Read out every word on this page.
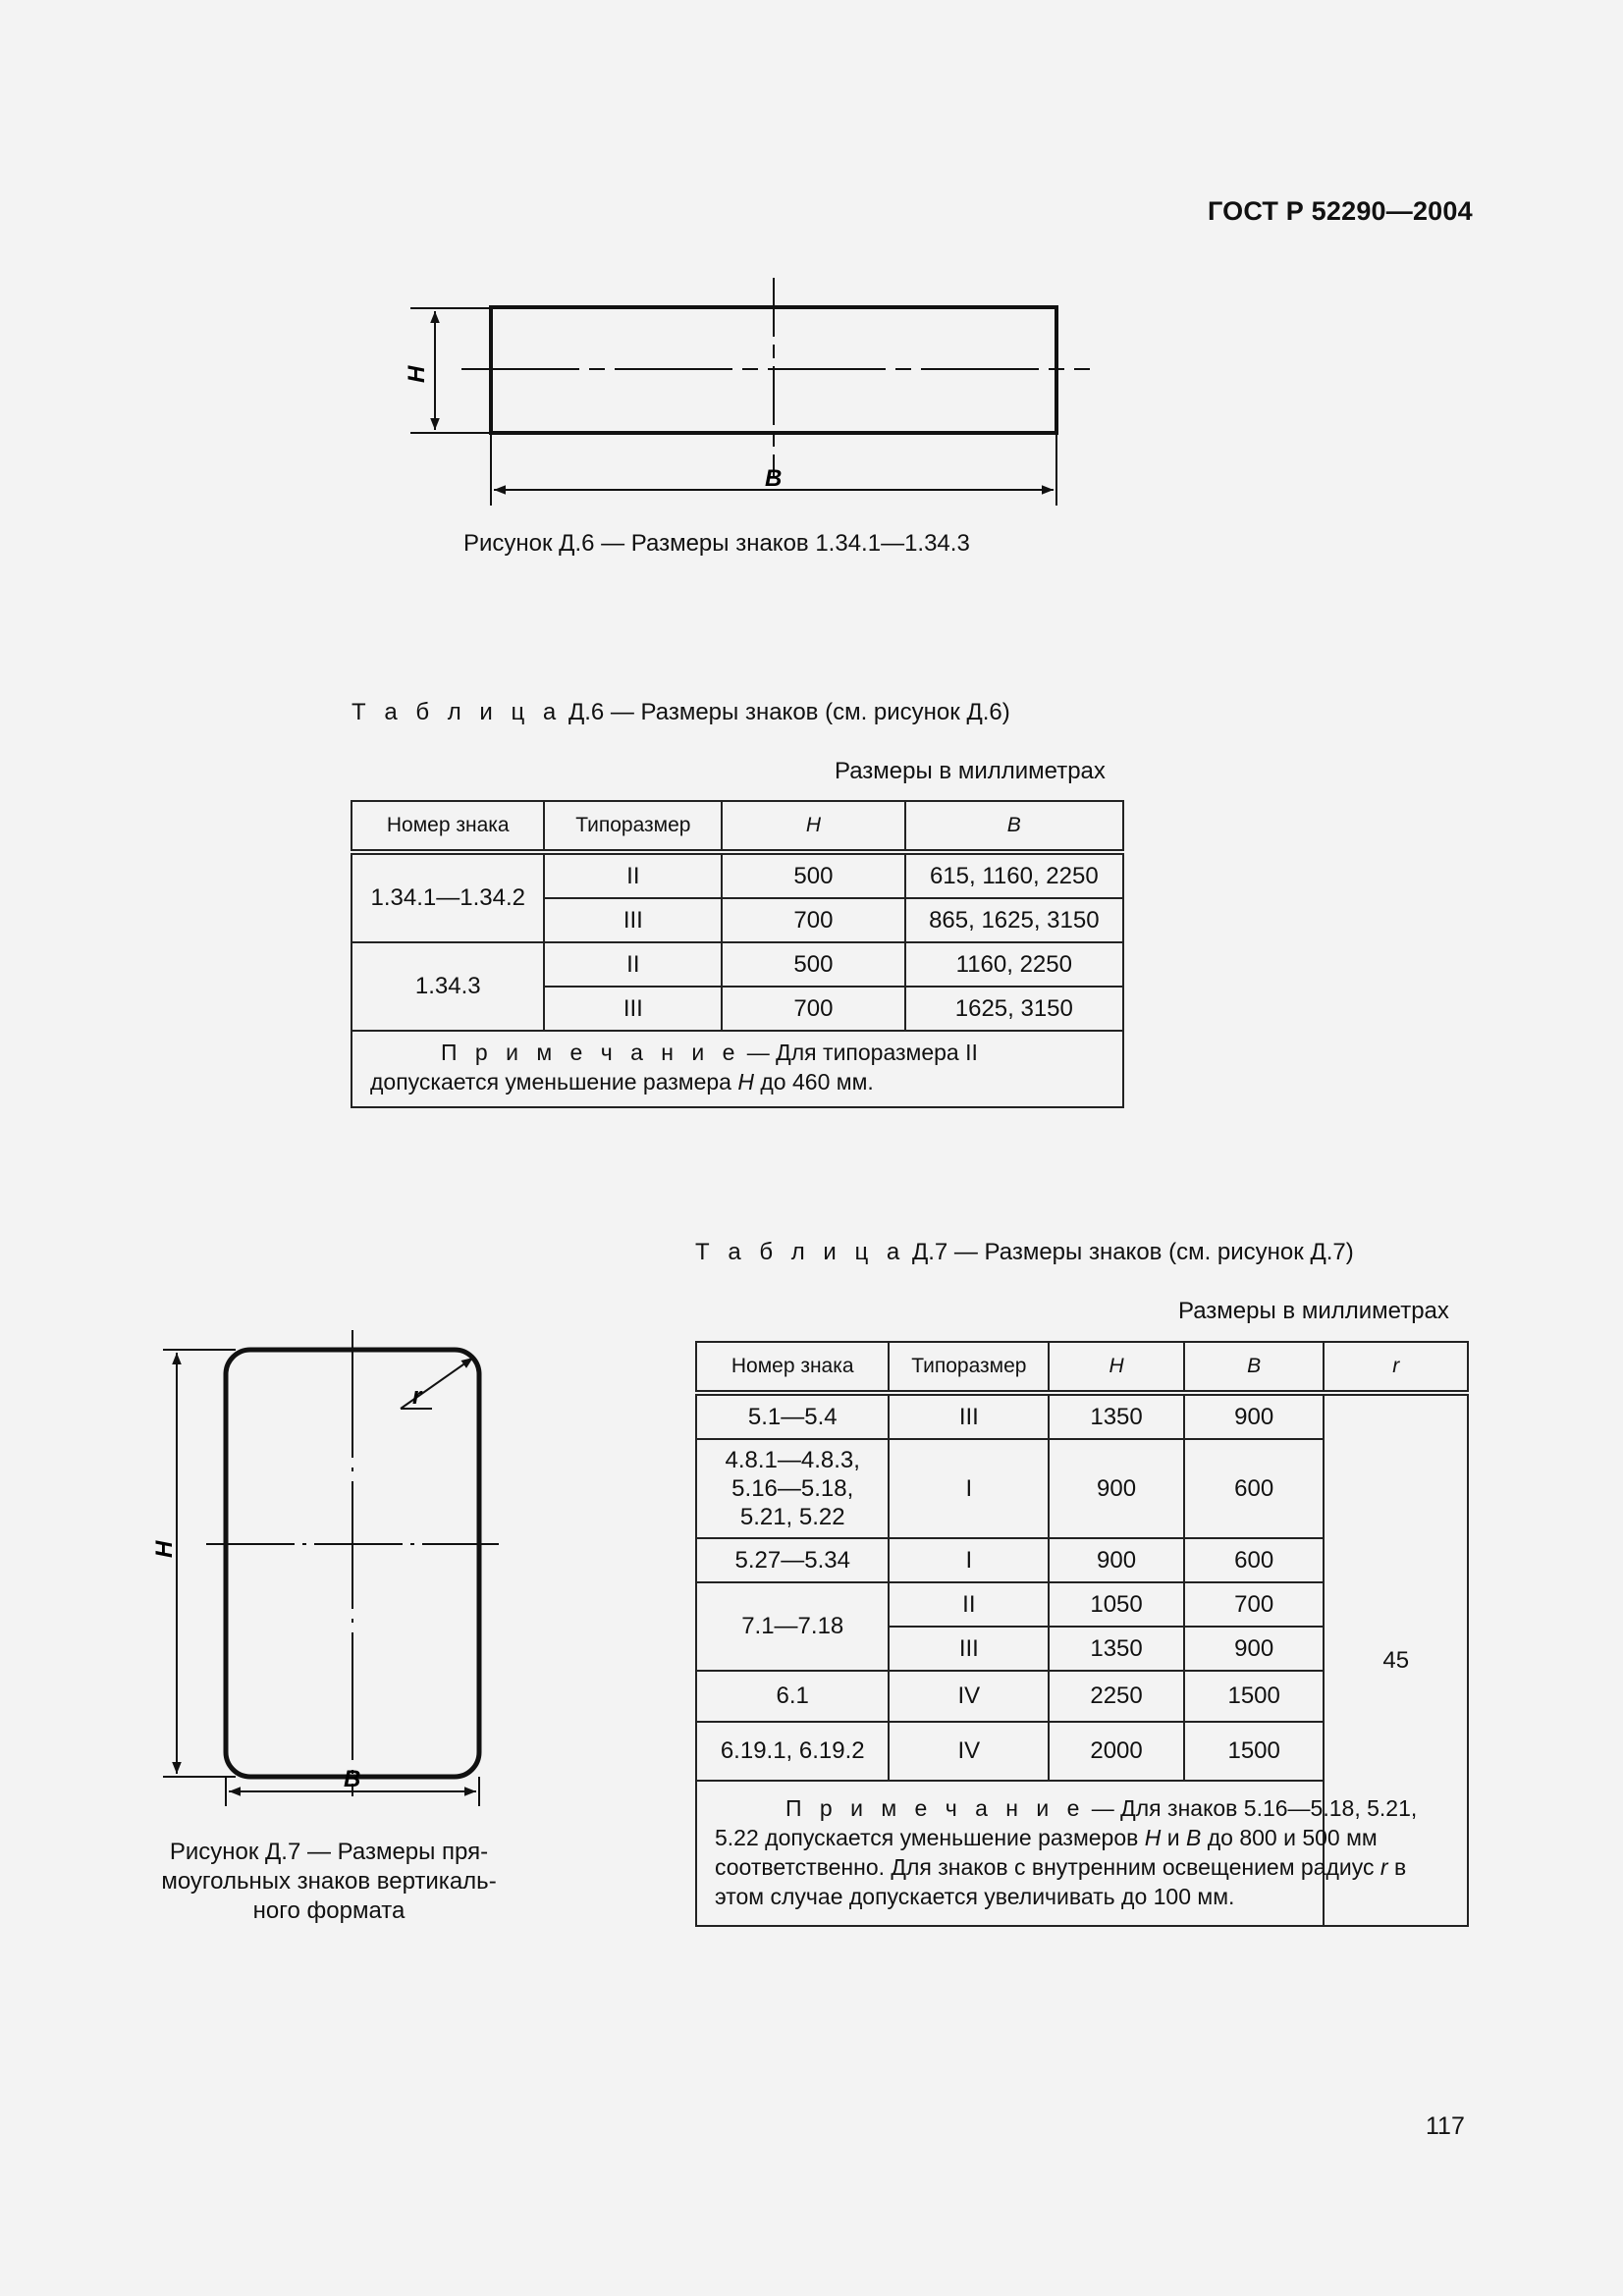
ГОСТ Р 52290—2004
H
B
Рисунок Д.6 — Размеры знаков 1.34.1—1.34.3
Т а б л и ц а Д.6 — Размеры знаков (см. рисунок Д.6)
Размеры в миллиметрах
Номер знака	Типоразмер	H	B
1.34.1—1.34.2	II	500	615, 1160, 2250
	III	700	865, 1625, 3150
1.34.3	II	500	1160, 2250
	III	700	1625, 3150
П р и м е ч а н и е — Для типоразмера II допускается уменьшение размера H до 460 мм.			
H
B
r
Рисунок Д.7 — Размеры пря-
моугольных знаков вертикаль-
ного формата
Т а б л и ц а Д.7 — Размеры знаков (см. рисунок Д.7)
Размеры в миллиметрах
Номер знака	Типоразмер	H	B	r
5.1—5.4	III	1350	900	45

4.8.1—4.8.3,
5.16—5.18,
5.21, 5.22	I	900	600	
5.27—5.34	I	900	600	
7.1—7.18	II	1050	700	
	III	1350	900	
6.1	IV	2250	1500	
6.19.1, 6.19.2	IV	2000	1500	
П р и м е ч а н и е — Для знаков 5.16—5.18, 5.21, 5.22 допускается уменьшение размеров H и B до 800 и 500 мм соответственно. Для знаков с внутренним освещением радиус r в этом случае допускается увеличивать до 100 мм.				
117
